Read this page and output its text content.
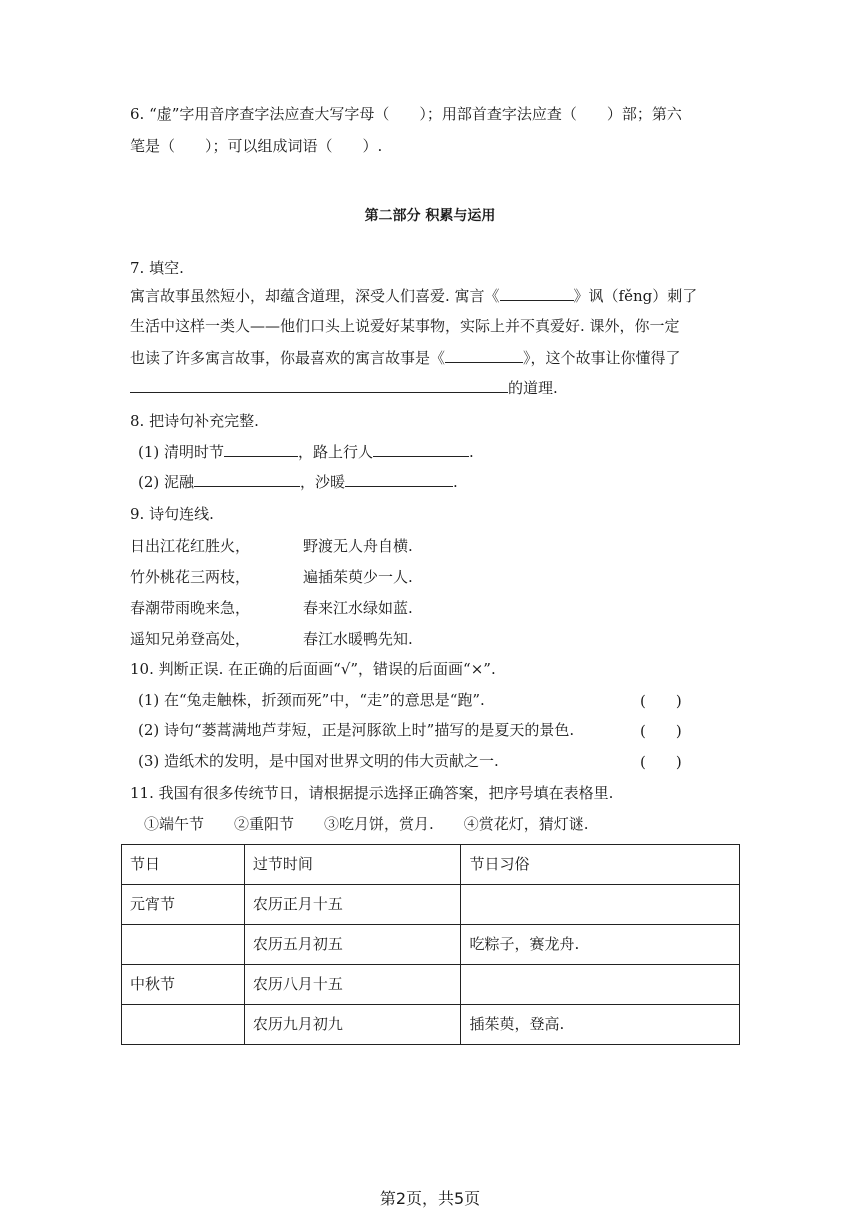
6. “虚”字用音序查字法应查大写字母（　　）；用部首查字法应查（　　）部；第六
笔是（　　）；可以组成词语（　　）.
第二部分 积累与运用
7. 填空.
寓言故事虽然短小，却蕴含道理，深受人们喜爱. 寓言《	》讽（fěng）刺了
生活中这样一类人——他们口头上说爱好某事物，实际上并不真爱好. 课外，你一定
也读了许多寓言故事，你最喜欢的寓言故事是《	》，这个故事让你懂得了
的道理.
8. 把诗句补充完整.
(1) 清明时节	，路上行人	.
(2) 泥融	，沙暖	.
9. 诗句连线.
日出江花红胜火，	野渡无人舟自横.
竹外桃花三两枝，	遍插茱萸少一人.
春潮带雨晚来急，	春来江水绿如蓝.
遥知兄弟登高处，	春江水暖鸭先知.
10. 判断正误. 在正确的后面画“√”，错误的后面画“×”.
(1) 在“兔走触株，折颈而死”中，“走”的意思是“跑”.	(　　)
(2) 诗句“蒌蒿满地芦芽短，正是河豚欲上时”描写的是夏天的景色.	(　　)
(3) 造纸术的发明，是中国对世界文明的伟大贡献之一.	(　　)
11. 我国有很多传统节日，请根据提示选择正确答案，把序号填在表格里.
①端午节　　②重阳节　　③吃月饼，赏月.　　④赏花灯，猜灯谜.
节日	过节时间	节日习俗
元宵节	农历正月十五	
	农历五月初五	吃粽子，赛龙舟.
中秋节	农历八月十五	
	农历九月初九	插茱萸，登高.
第2页，共5页
